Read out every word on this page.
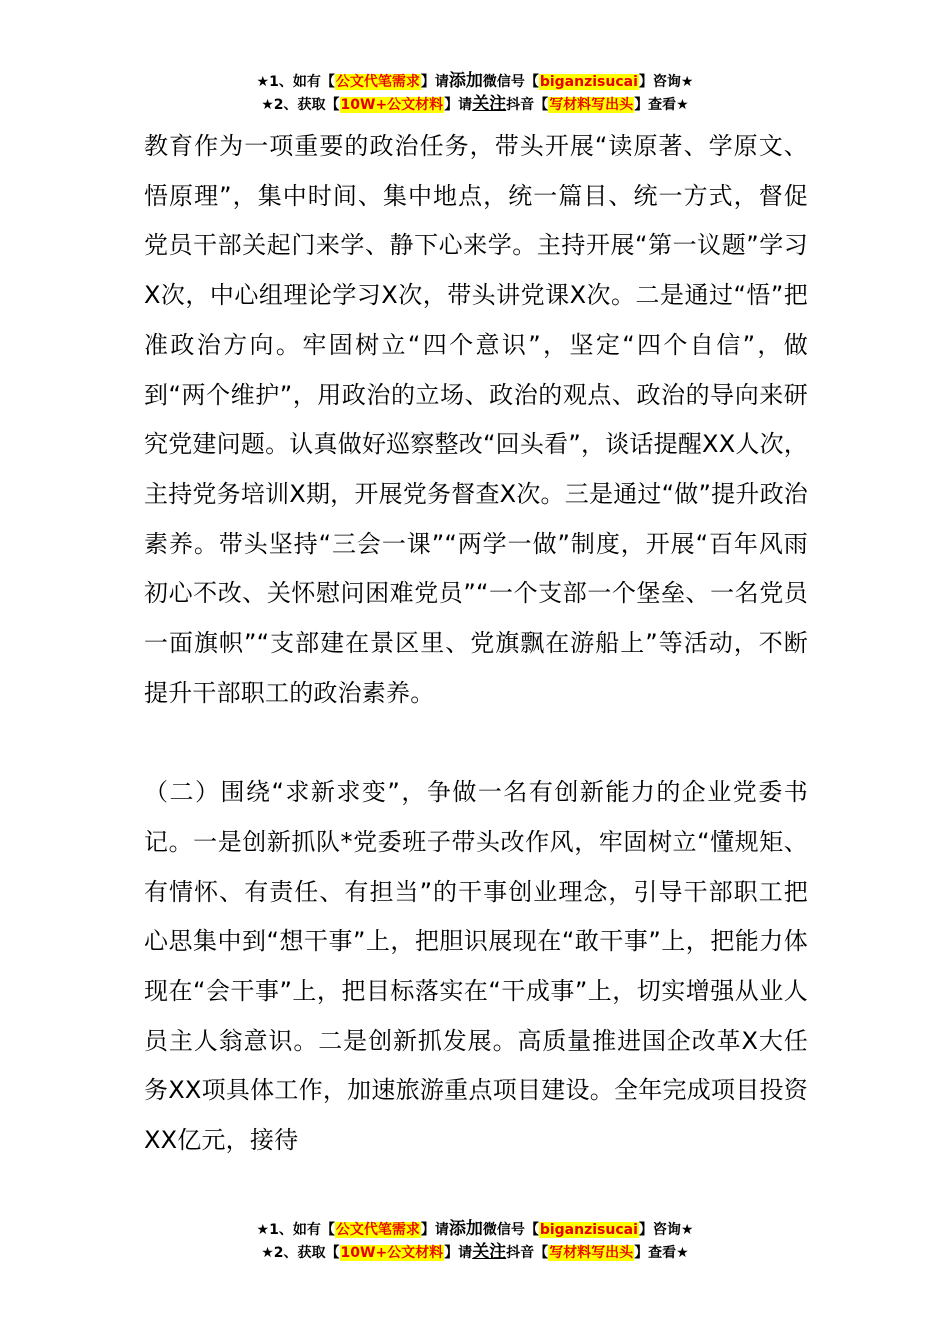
★1、如有【公文代笔需求】请添加微信号【biganzisucai】咨询★
★2、获取【10W+公文材料】请关注抖音【写材料写出头】查看★

教育作为一项重要的政治任务，带头开展“读原著、学原文、悟原理”，集中时间、集中地点，统一篇目、统一方式，督促党员干部关起门来学、静下心来学。主持开展“第一议题”学习X次，中心组理论学习X次，带头讲党课X次。二是通过“悟”把准政治方向。牢固树立“四个意识”，坚定“四个自信”，做到“两个维护”，用政治的立场、政治的观点、政治的导向来研究党建问题。认真做好巡察整改“回头看”，谈话提醒XX人次，主持党务培训X期，开展党务督查X次。三是通过“做”提升政治素养。带头坚持“三会一课”“两学一做”制度，开展“百年风雨初心不改、关怀慰问困难党员”“一个支部一个堡垒、一名党员一面旗帜”“支部建在景区里、党旗飘在游船上”等活动，不断提升干部职工的政治素养。

（二）围绕“求新求变”，争做一名有创新能力的企业党委书记。一是创新抓队*党委班子带头改作风，牢固树立“懂规矩、有情怀、有责任、有担当”的干事创业理念，引导干部职工把心思集中到“想干事”上，把胆识展现在“敢干事”上，把能力体现在“会干事”上，把目标落实在“干成事”上，切实增强从业人员主人翁意识。二是创新抓发展。高质量推进国企改革X大任务XX项具体工作，加速旅游重点项目建设。全年完成项目投资XX亿元，接待

★1、如有【公文代笔需求】请添加微信号【biganzisucai】咨询★
★2、获取【10W+公文材料】请关注抖音【写材料写出头】查看★
